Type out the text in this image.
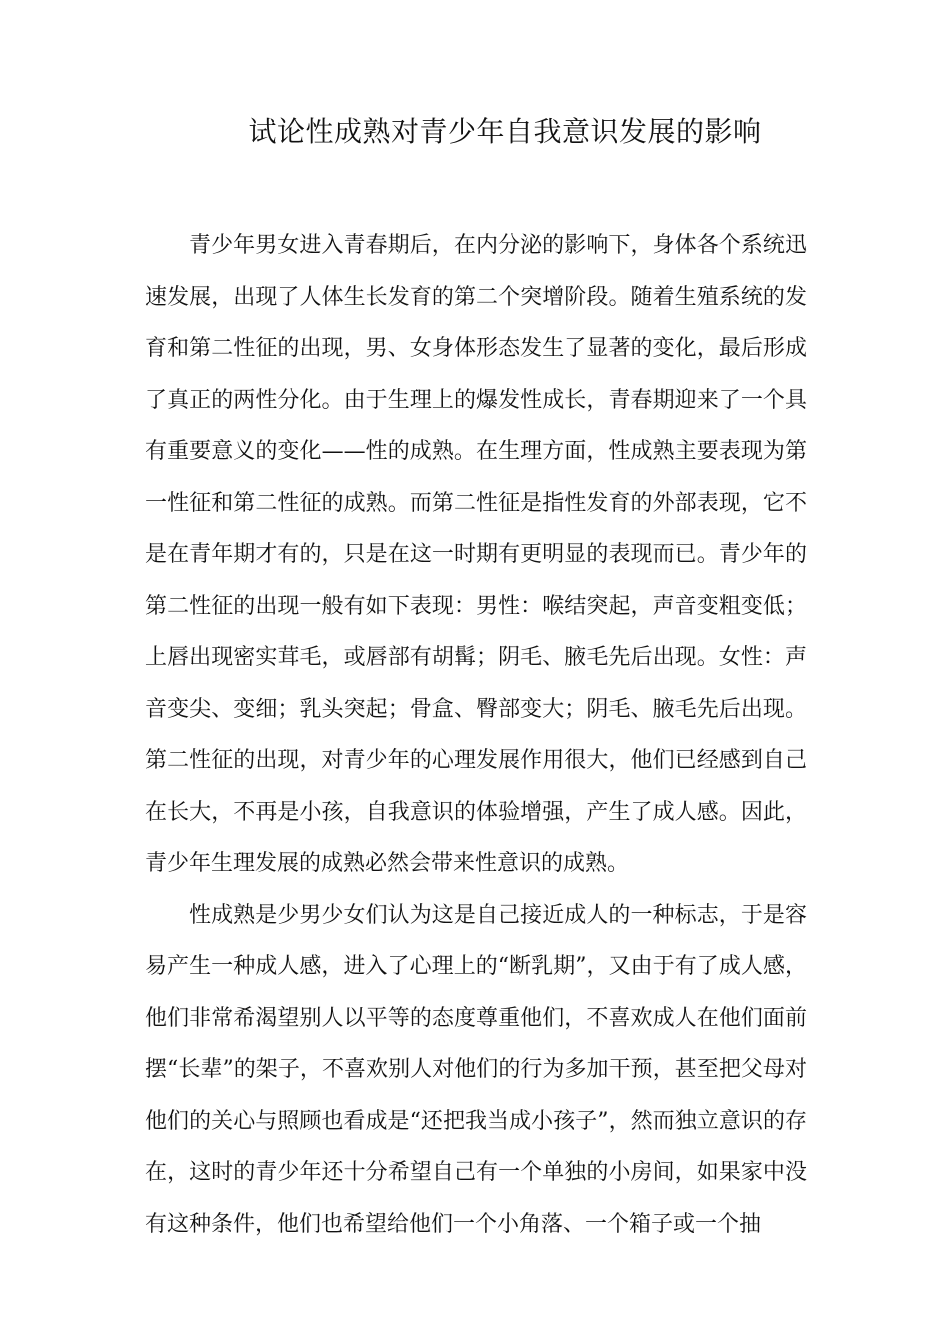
试论性成熟对青少年自我意识发展的影响

青少年男女进入青春期后，在内分泌的影响下，身体各个系统迅速发展，出现了人体生长发育的第二个突增阶段。随着生殖系统的发育和第二性征的出现，男、女身体形态发生了显著的变化，最后形成了真正的两性分化。由于生理上的爆发性成长，青春期迎来了一个具有重要意义的变化——性的成熟。在生理方面，性成熟主要表现为第一性征和第二性征的成熟。而第二性征是指性发育的外部表现，它不是在青年期才有的，只是在这一时期有更明显的表现而已。青少年的第二性征的出现一般有如下表现：男性：喉结突起，声音变粗变低；上唇出现密实茸毛，或唇部有胡髯；阴毛、腋毛先后出现。女性：声音变尖、变细；乳头突起；骨盒、臀部变大；阴毛、腋毛先后出现。第二性征的出现，对青少年的心理发展作用很大，他们已经感到自己在长大，不再是小孩，自我意识的体验增强，产生了成人感。因此，青少年生理发展的成熟必然会带来性意识的成熟。

性成熟是少男少女们认为这是自己接近成人的一种标志，于是容易产生一种成人感，进入了心理上的“断乳期”，又由于有了成人感，他们非常希渴望别人以平等的态度尊重他们，不喜欢成人在他们面前摆“长辈”的架子，不喜欢别人对他们的行为多加干预，甚至把父母对他们的关心与照顾也看成是“还把我当成小孩子”，然而独立意识的存在，这时的青少年还十分希望自己有一个单独的小房间，如果家中没有这种条件，他们也希望给他们一个小角落、一个箱子或一个抽
